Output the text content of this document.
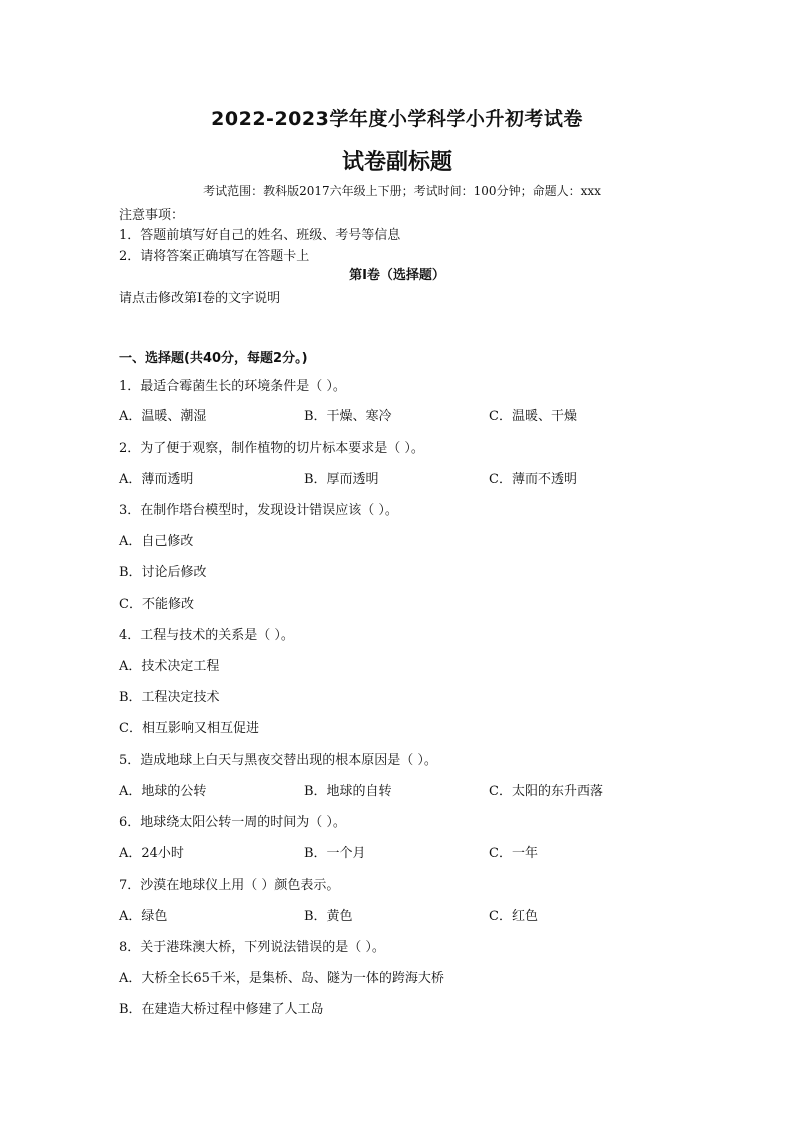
2022-2023学年度小学科学小升初考试卷
试卷副标题
考试范围：教科版2017六年级上下册；考试时间：100分钟；命题人：xxx
注意事项：
1．答题前填写好自己的姓名、班级、考号等信息
2．请将答案正确填写在答题卡上
第I卷（选择题）
请点击修改第I卷的文字说明
一、选择题(共40分，每题2分。)
1．最适合霉菌生长的环境条件是（ ）。
A．温暖、潮湿	B．干燥、寒冷	C．温暖、干燥
2．为了便于观察，制作植物的切片标本要求是（ ）。
A．薄而透明	B．厚而透明	C．薄而不透明
3．在制作塔台模型时，发现设计错误应该（ ）。
A．自己修改
B．讨论后修改
C．不能修改
4．工程与技术的关系是（ ）。
A．技术决定工程
B．工程决定技术
C．相互影响又相互促进
5．造成地球上白天与黑夜交替出现的根本原因是（ ）。
A．地球的公转	B．地球的自转	C．太阳的东升西落
6．地球绕太阳公转一周的时间为（ ）。
A．24小时	B．一个月	C．一年
7．沙漠在地球仪上用（ ）颜色表示。
A．绿色	B．黄色	C．红色
8．关于港珠澳大桥，下列说法错误的是（ ）。
A．大桥全长65千米，是集桥、岛、隧为一体的跨海大桥
B．在建造大桥过程中修建了人工岛
